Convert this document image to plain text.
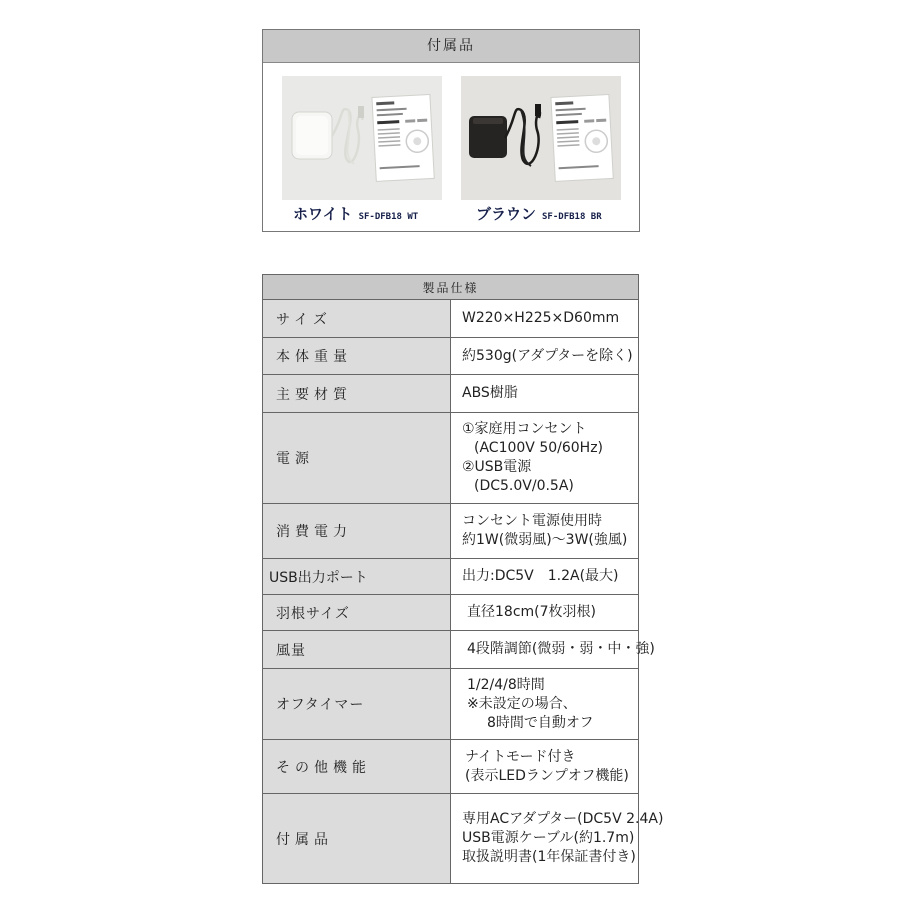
付属品
ホワイト SF-DFB18 WT	ブラウン SF-DFB18 BR
製品仕様	
サイズ	W220×H225×D60mm

本体重量	約530g(アダプターを除く)

主要材質	ABS樹脂

電源	①家庭用コンセント
(AC100V 50/60Hz)
②USB電源
(DC5.0V/0.5A)

消費電力	コンセント電源使用時
約1W(微弱風)～3W(強風)

USB出力ポート	出力:DC5V　1.2A(最大)

羽根サイズ	直径18cm(7枚羽根)

風量	4段階調節(微弱・弱・中・強)

オフタイマー	1/2/4/8時間
※未設定の場合、
8時間で自動オフ

その他機能	ナイトモード付き
(表示LEDランプオフ機能)

付属品	専用ACアダプター(DC5V 2.4A)
USB電源ケーブル(約1.7m)
取扱説明書(1年保証書付き)
